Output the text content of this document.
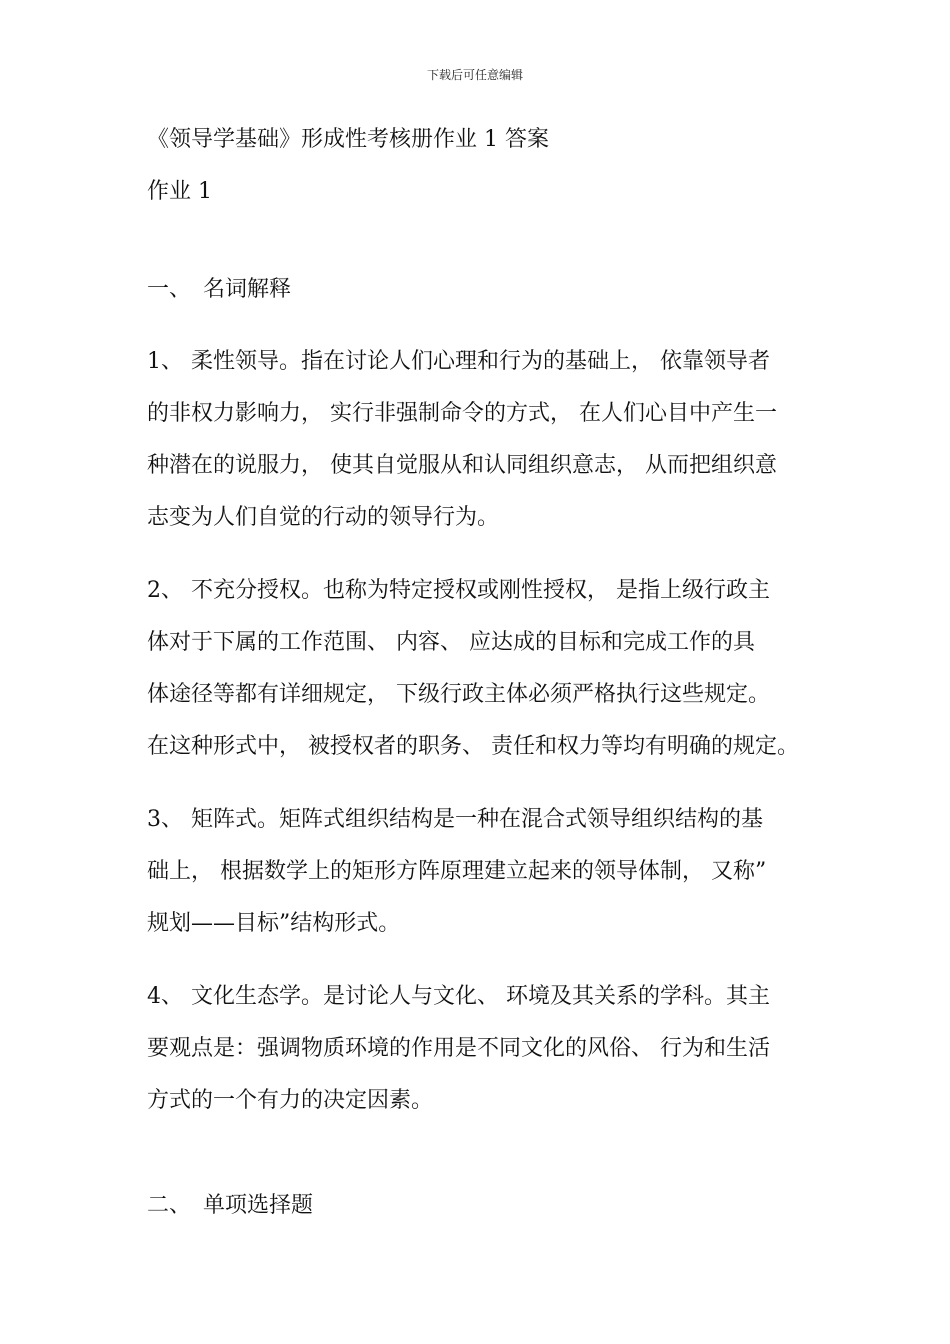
下载后可任意编辑
《领导学基础》形成性考核册作业 1 答案
作业 1
一、 名词解释
1、 柔性领导。指在讨论人们心理和行为的基础上， 依靠领导者
的非权力影响力， 实行非强制命令的方式， 在人们心目中产生一
种潜在的说服力， 使其自觉服从和认同组织意志， 从而把组织意
志变为人们自觉的行动的领导行为。
2、 不充分授权。也称为特定授权或刚性授权， 是指上级行政主
体对于下属的工作范围、 内容、 应达成的目标和完成工作的具
体途径等都有详细规定， 下级行政主体必须严格执行这些规定。
在这种形式中， 被授权者的职务、 责任和权力等均有明确的规定。
3、 矩阵式。矩阵式组织结构是一种在混合式领导组织结构的基
础上， 根据数学上的矩形方阵原理建立起来的领导体制， 又称”
规划——目标”结构形式。
4、 文化生态学。是讨论人与文化、 环境及其关系的学科。其主
要观点是：强调物质环境的作用是不同文化的风俗、 行为和生活
方式的一个有力的决定因素。
二、 单项选择题
